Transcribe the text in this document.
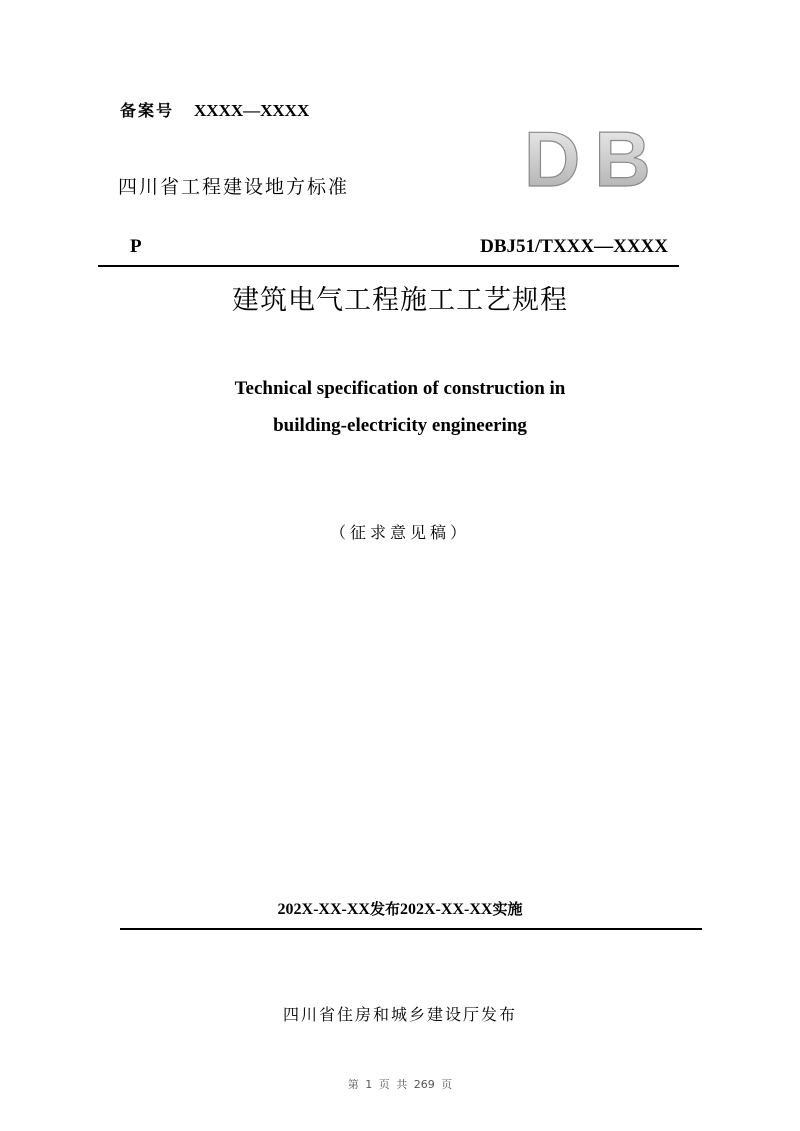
备案号 XXXX—XXXX
四川省工程建设地方标准 DB
P	DBJ51/TXXX—XXXX
建筑电气工程施工工艺规程
Technical specification of construction in
building-electricity engineering
（征求意见稿）
202X-XX-XX发布202X-XX-XX实施
四川省住房和城乡建设厅发布
第 1 页 共 269 页
